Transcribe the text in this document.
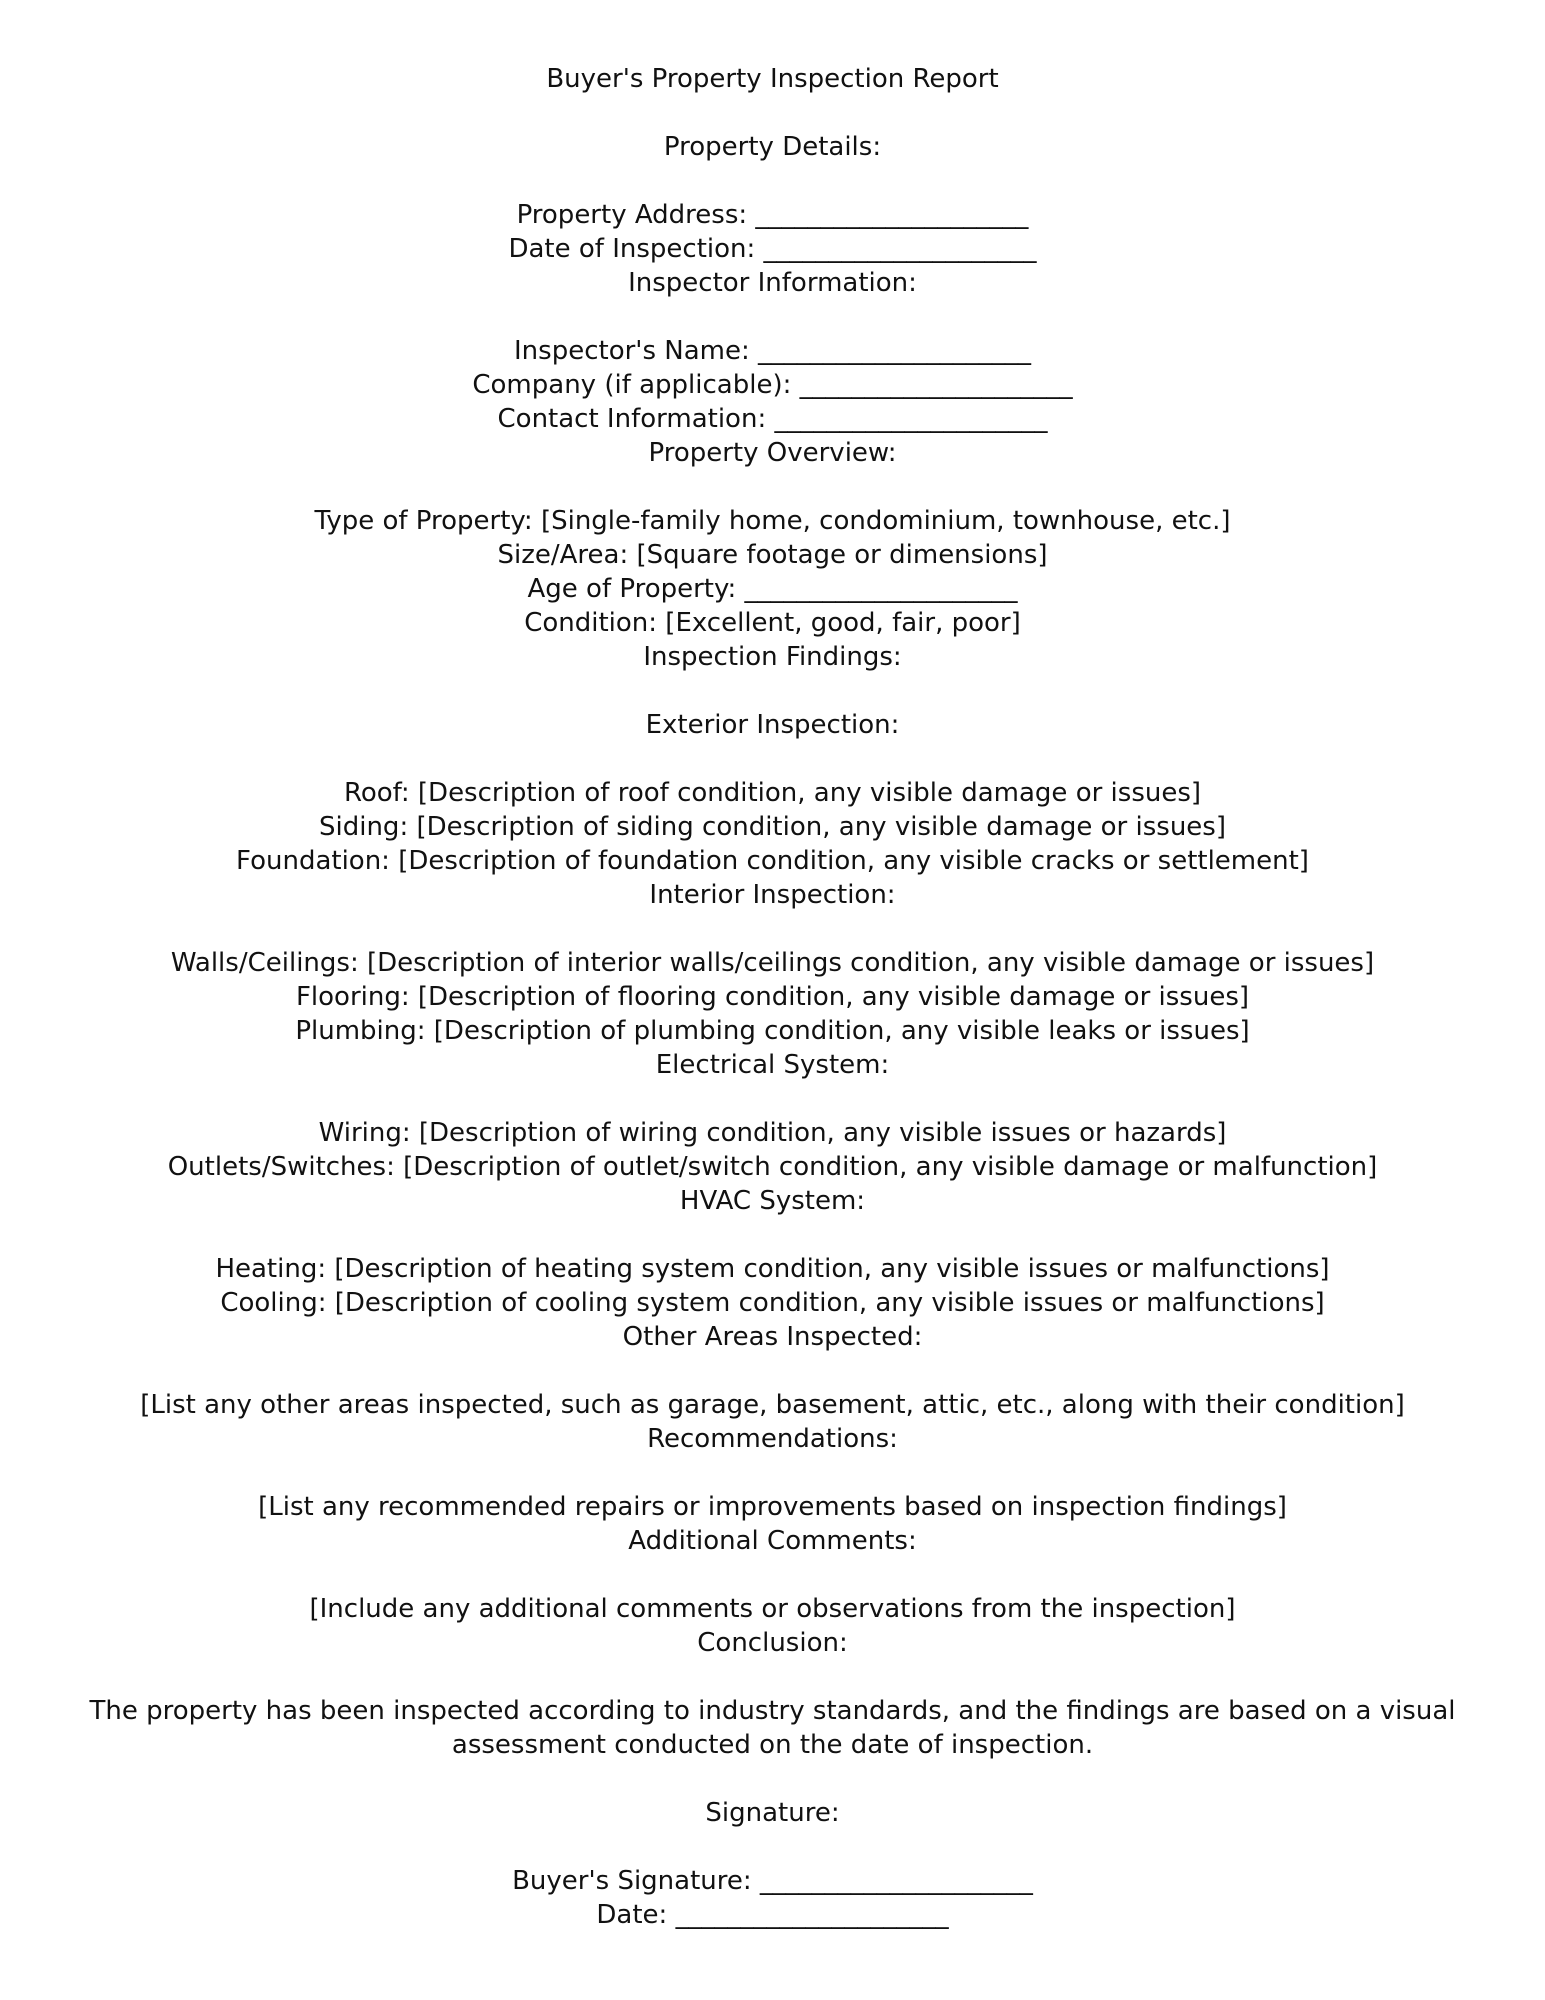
Buyer's Property Inspection Report
Property Details:
Property Address: _____________________
Date of Inspection: _____________________
Inspector Information:
Inspector's Name: _____________________
Company (if applicable): _____________________
Contact Information: _____________________
Property Overview:
Type of Property: [Single-family home, condominium, townhouse, etc.]
Size/Area: [Square footage or dimensions]
Age of Property: _____________________
Condition: [Excellent, good, fair, poor]
Inspection Findings:
Exterior Inspection:
Roof: [Description of roof condition, any visible damage or issues]
Siding: [Description of siding condition, any visible damage or issues]
Foundation: [Description of foundation condition, any visible cracks or settlement]
Interior Inspection:
Walls/Ceilings: [Description of interior walls/ceilings condition, any visible damage or issues]
Flooring: [Description of flooring condition, any visible damage or issues]
Plumbing: [Description of plumbing condition, any visible leaks or issues]
Electrical System:
Wiring: [Description of wiring condition, any visible issues or hazards]
Outlets/Switches: [Description of outlet/switch condition, any visible damage or malfunction]
HVAC System:
Heating: [Description of heating system condition, any visible issues or malfunctions]
Cooling: [Description of cooling system condition, any visible issues or malfunctions]
Other Areas Inspected:
[List any other areas inspected, such as garage, basement, attic, etc., along with their condition]
Recommendations:
[List any recommended repairs or improvements based on inspection findings]
Additional Comments:
[Include any additional comments or observations from the inspection]
Conclusion:
The property has been inspected according to industry standards, and the findings are based on a visual assessment conducted on the date of inspection.
Signature:
Buyer's Signature: _____________________
Date: _____________________
